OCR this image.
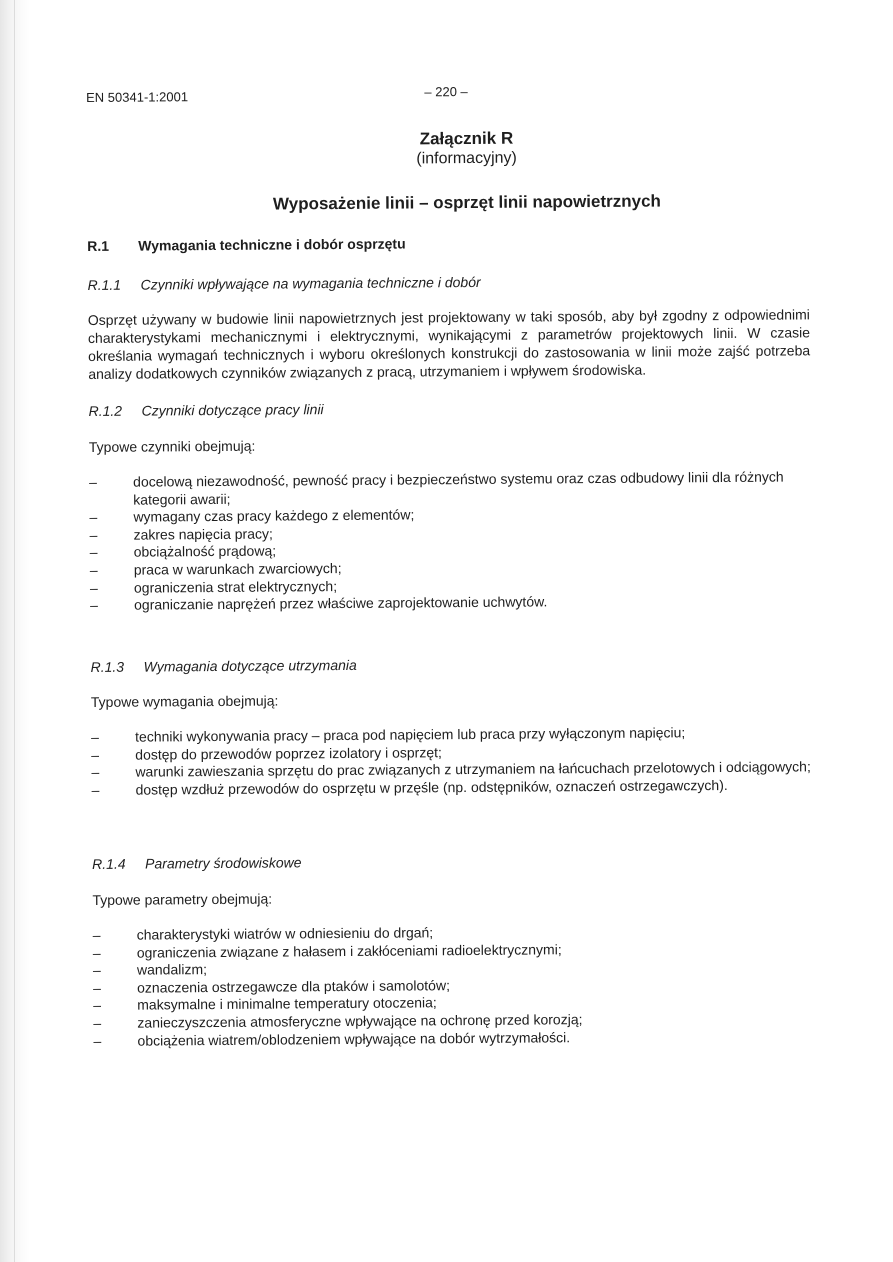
EN 50341-1:2001	– 220 –
Załącznik R
(informacyjny)
Wyposażenie linii – osprzęt linii napowietrznych
R.1 Wymagania techniczne i dobór osprzętu
R.1.1 Czynniki wpływające na wymagania techniczne i dobór

Osprzęt używany w budowie linii napowietrznych jest projektowany w taki sposób, aby był zgodny z odpowiednimi charakterystykami mechanicznymi i elektrycznymi, wynikającymi z parametrów projektowych linii. W czasie określania wymagań technicznych i wyboru określonych konstrukcji do zastosowania w linii może zajść potrzeba analizy dodatkowych czynników związanych z pracą, utrzymaniem i wpływem środowiska.

R.1.2 Czynniki dotyczące pracy linii
Typowe czynniki obejmują:
–	docelową niezawodność, pewność pracy i bezpieczeństwo systemu oraz czas odbudowy linii dla różnych kategorii awarii;
–	wymagany czas pracy każdego z elementów;
–	zakres napięcia pracy;
–	obciążalność prądową;
–	praca w warunkach zwarciowych;
–	ograniczenia strat elektrycznych;
–	ograniczanie naprężeń przez właściwe zaprojektowanie uchwytów.
R.1.3 Wymagania dotyczące utrzymania
Typowe wymagania obejmują:
–	techniki wykonywania pracy – praca pod napięciem lub praca przy wyłączonym napięciu;
–	dostęp do przewodów poprzez izolatory i osprzęt;
–	warunki zawieszania sprzętu do prac związanych z utrzymaniem na łańcuchach przelotowych i odciągowych;
–	dostęp wzdłuż przewodów do osprzętu w przęśle (np. odstępników, oznaczeń ostrzegawczych).
R.1.4 Parametry środowiskowe
Typowe parametry obejmują:
–	charakterystyki wiatrów w odniesieniu do drgań;
–	ograniczenia związane z hałasem i zakłóceniami radioelektrycznymi;
–	wandalizm;
–	oznaczenia ostrzegawcze dla ptaków i samolotów;
–	maksymalne i minimalne temperatury otoczenia;
–	zanieczyszczenia atmosferyczne wpływające na ochronę przed korozją;
–	obciążenia wiatrem/oblodzeniem wpływające na dobór wytrzymałości.
